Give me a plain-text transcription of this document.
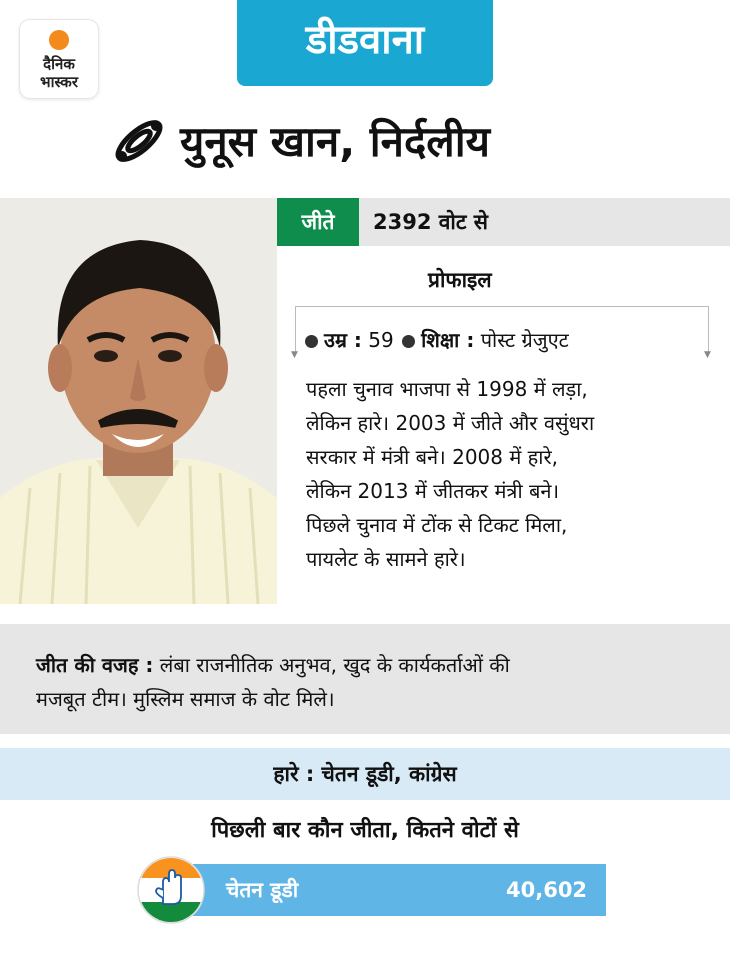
दैनिक
भास्कर
डीडवाना
युनूस खान, निर्दलीय
जीते	2392 वोट से
प्रोफाइल
▼	▼
उम्र : 59 शिक्षा : पोस्ट ग्रेजुएट

पहला चुनाव भाजपा से 1998 में लड़ा,

लेकिन हारे। 2003 में जीते और वसुंधरा

सरकार में मंत्री बने। 2008 में हारे,

लेकिन 2013 में जीतकर मंत्री बने।

पिछले चुनाव में टोंक से टिकट मिला,

पायलेट के सामने हारे।

जीत की वजह : लंबा राजनीतिक अनुभव, खुद के कार्यकर्ताओं की

मजबूत टीम। मुस्लिम समाज के वोट मिले।

हारे : चेतन डूडी, कांग्रेस
पिछली बार कौन जीता, कितने वोटों से
चेतन डूडी	40,602
